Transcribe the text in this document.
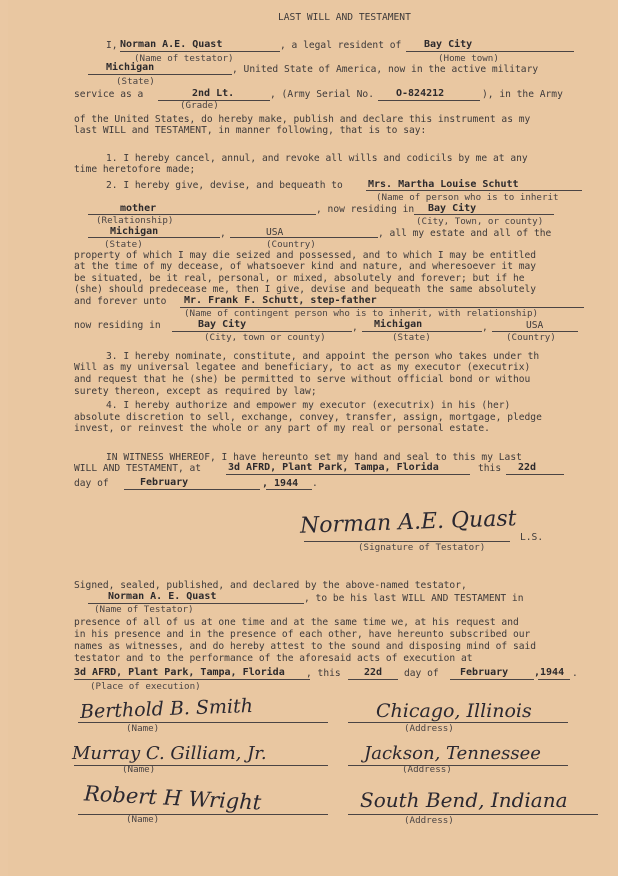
LAST WILL AND TESTAMENT
I, Norman A.E. Quast	, a legal resident of Bay City
(Name of testator)	(Home town)
Michigan	, United State of America, now in the active military
(State)
service as a	2nd Lt.	, (Army Serial No. O-824212	), in the Army
(Grade)
of the United States, do hereby make, publish and declare this instrument as my
last WILL and TESTAMENT, in manner following, that is to say:
1. I hereby cancel, annul, and revoke all wills and codicils by me at any
time heretofore made;
2. I hereby give, devise, and bequeath to	Mrs. Martha Louise Schutt
(Name of person who is to inherit
mother	, now residing in Bay City
(Relationship)	(City, Town, or county)
Michigan	,	USA	, all my estate and all of the
(State)	(Country)
property of which I may die seized and possessed, and to which I may be entitled
at the time of my decease, of whatsoever kind and nature, and wheresoever it may
be situated, be it real, personal, or mixed, absolutely and forever; but if he
(she) should predecease me, then I give, devise and bequeath the same absolutely
and forever unto Mr. Frank F. Schutt, step-father
(Name of contingent person who is to inherit, with relationship)
now residing in	Bay City	, Michigan	,	USA
(City, town or county)	(State)	(Country)
3. I hereby nominate, constitute, and appoint the person who takes under th
Will as my universal legatee and beneficiary, to act as my executor (executrix)
and request that he (she) be permitted to serve without official bond or withou
surety thereon, except as required by law;
4. I hereby authorize and empower my executor (executrix) in his (her)
absolute discretion to sell, exchange, convey, transfer, assign, mortgage, pledge
invest, or reinvest the whole or any part of my real or personal estate.
IN WITNESS WHEREOF, I have hereunto set my hand and seal to this my Last
WILL AND TESTAMENT, at	3d AFRD, Plant Park, Tampa, Florida	this 22d
day of	February	, 1944 .
Norman A.E. Quast L.S.
(Signature of Testator)
Signed, sealed, published, and declared by the above-named testator,
Norman A. E. Quast	, to be his last WILL AND TESTAMENT in
(Name of Testator)
presence of all of us at one time and at the same time we, at his request and
in his presence and in the presence of each other, have hereunto subscribed our
names as witnesses, and do hereby attest to the sound and disposing mind of said
testator and to the performance of the aforesaid acts of execution at
3d AFRD, Plant Park, Tampa, Florida , this 22d day of February	,1944 .
(Place of execution)
Berthold B. Smith
(Name)
Chicago, Illinois
(Address)
Murray C. Gilliam, Jr.
(Name)
Jackson, Tennessee
(Address)
Robert H Wright
(Name)
South Bend, Indiana
(Address)
